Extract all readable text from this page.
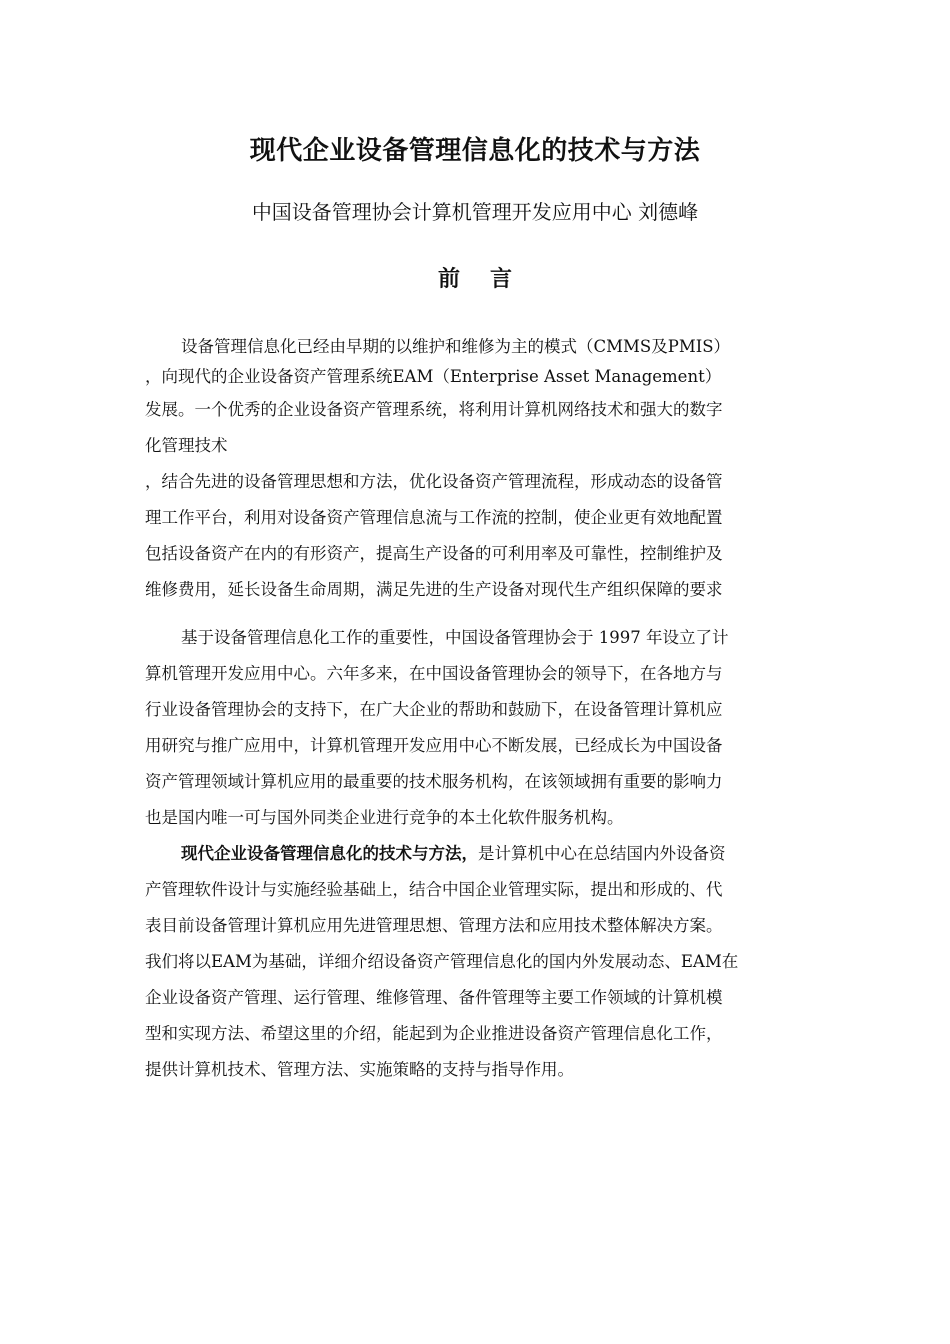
现代企业设备管理信息化的技术与方法
中国设备管理协会计算机管理开发应用中心 刘德峰
前言
设备管理信息化已经由早期的以维护和维修为主的模式（CMMS及PMIS）
，向现代的企业设备资产管理系统EAM（Enterprise Asset Management）
发展。一个优秀的企业设备资产管理系统，将利用计算机网络技术和强大的数字
化管理技术
，结合先进的设备管理思想和方法，优化设备资产管理流程，形成动态的设备管
理工作平台，利用对设备资产管理信息流与工作流的控制，使企业更有效地配置
包括设备资产在内的有形资产，提高生产设备的可利用率及可靠性，控制维护及
维修费用，延长设备生命周期，满足先进的生产设备对现代生产组织保障的要求
基于设备管理信息化工作的重要性，中国设备管理协会于 1997 年设立了计
算机管理开发应用中心。六年多来，在中国设备管理协会的领导下，在各地方与
行业设备管理协会的支持下，在广大企业的帮助和鼓励下，在设备管理计算机应
用研究与推广应用中，计算机管理开发应用中心不断发展，已经成长为中国设备
资产管理领域计算机应用的最重要的技术服务机构，在该领域拥有重要的影响力
也是国内唯一可与国外同类企业进行竞争的本土化软件服务机构。
现代企业设备管理信息化的技术与方法，是计算机中心在总结国内外设备资
产管理软件设计与实施经验基础上，结合中国企业管理实际，提出和形成的、代
表目前设备管理计算机应用先进管理思想、管理方法和应用技术整体解决方案。
我们将以EAM为基础，详细介绍设备资产管理信息化的国内外发展动态、EAM在
企业设备资产管理、运行管理、维修管理、备件管理等主要工作领域的计算机模
型和实现方法、希望这里的介绍，能起到为企业推进设备资产管理信息化工作，
提供计算机技术、管理方法、实施策略的支持与指导作用。
